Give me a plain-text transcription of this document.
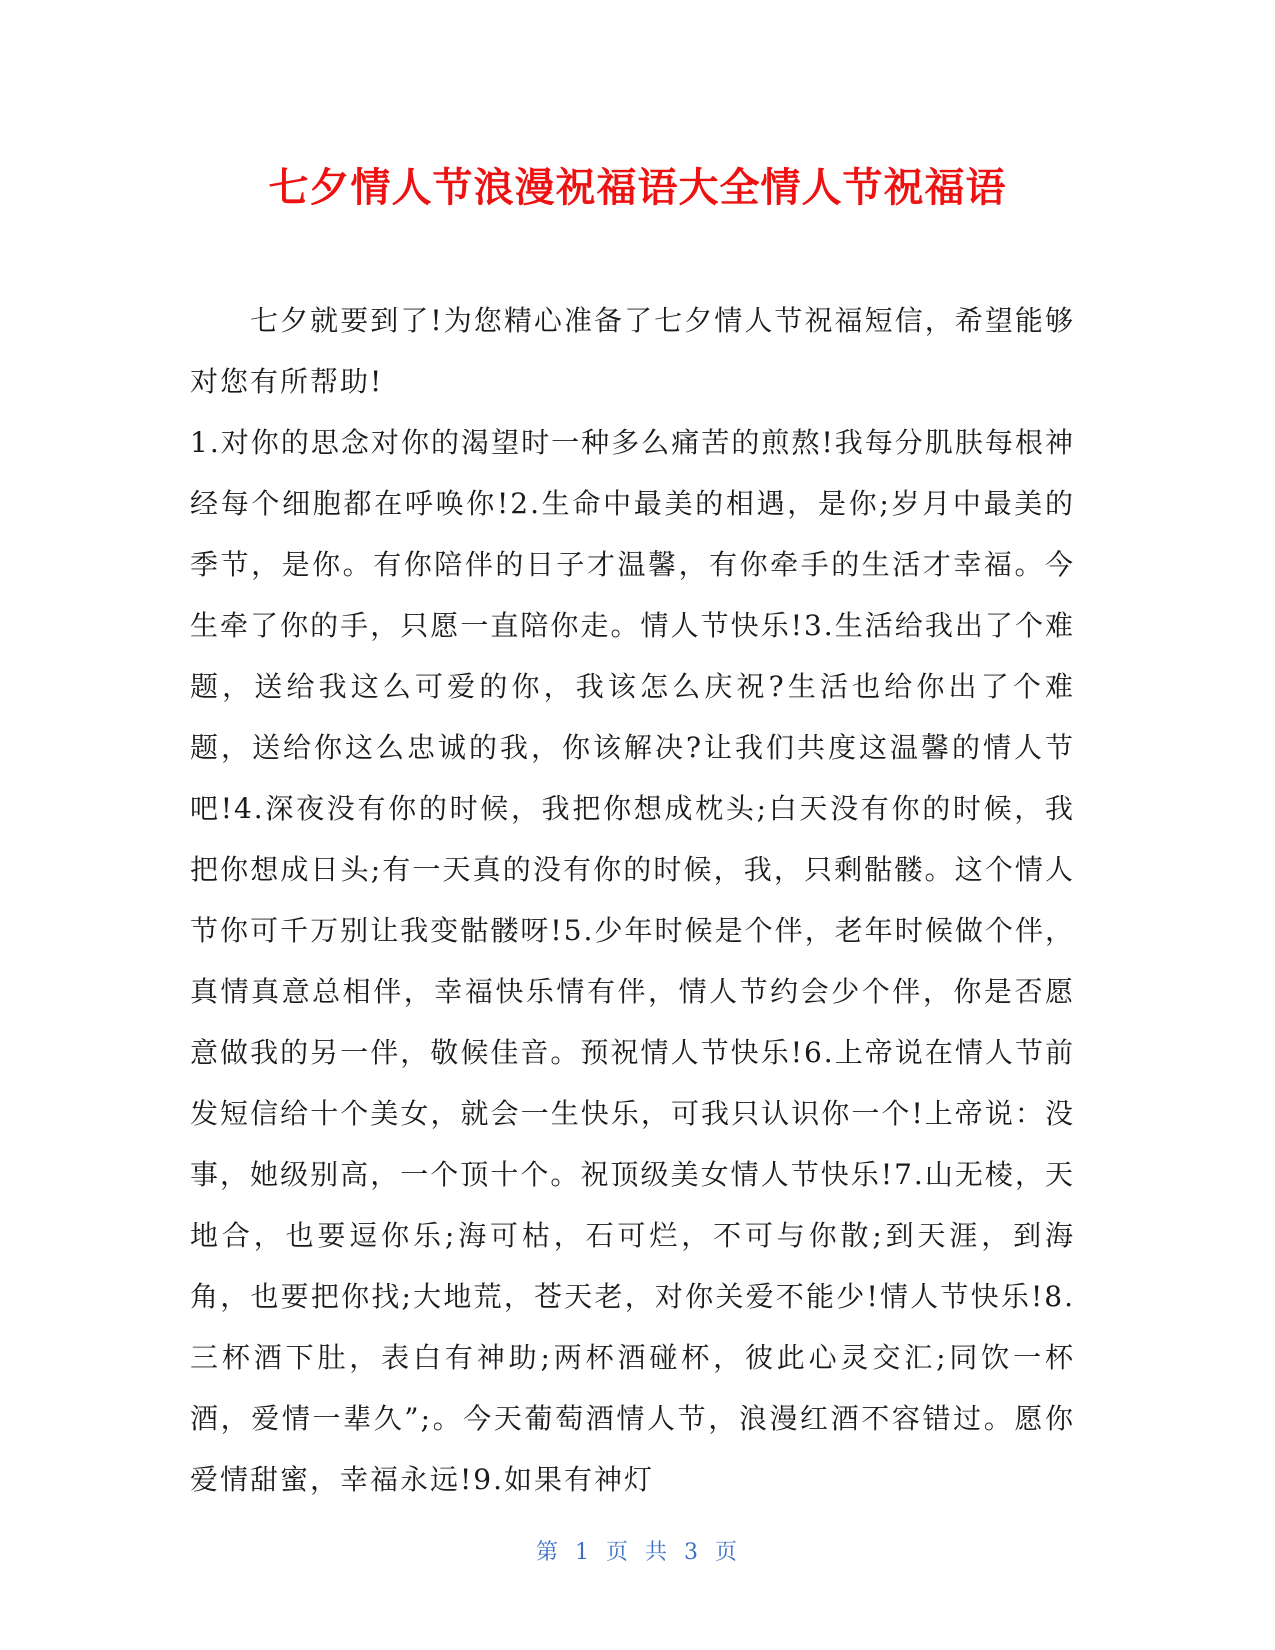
七夕情人节浪漫祝福语大全情人节祝福语

七夕就要到了!为您精心准备了七夕情人节祝福短信，希望能够对您有所帮助!

1.对你的思念对你的渴望时一种多么痛苦的煎熬!我每分肌肤每根神经每个细胞都在呼唤你!2.生命中最美的相遇，是你;岁月中最美的季节，是你。有你陪伴的日子才温馨，有你牵手的生活才幸福。今生牵了你的手，只愿一直陪你走。情人节快乐!3.生活给我出了个难题，送给我这么可爱的你，我该怎么庆祝?生活也给你出了个难题，送给你这么忠诚的我，你该解决?让我们共度这温馨的情人节吧!4.深夜没有你的时候，我把你想成枕头;白天没有你的时候，我把你想成日头;有一天真的没有你的时候，我，只剩骷髅。这个情人节你可千万别让我变骷髅呀!5.少年时候是个伴，老年时候做个伴，真情真意总相伴，幸福快乐情有伴，情人节约会少个伴，你是否愿意做我的另一伴，敬候佳音。预祝情人节快乐!6.上帝说在情人节前发短信给十个美女，就会一生快乐，可我只认识你一个!上帝说：没事，她级别高，一个顶十个。祝顶级美女情人节快乐!7.山无棱，天地合，也要逗你乐;海可枯，石可烂，不可与你散;到天涯，到海角，也要把你找;大地荒，苍天老，对你关爱不能少!情人节快乐!8.三杯酒下肚，表白有神助;两杯酒碰杯，彼此心灵交汇;同饮一杯酒，爱情一辈久”;。今天葡萄酒情人节，浪漫红酒不容错过。愿你爱情甜蜜，幸福永远!9.如果有神灯

第 1 页 共 3 页
